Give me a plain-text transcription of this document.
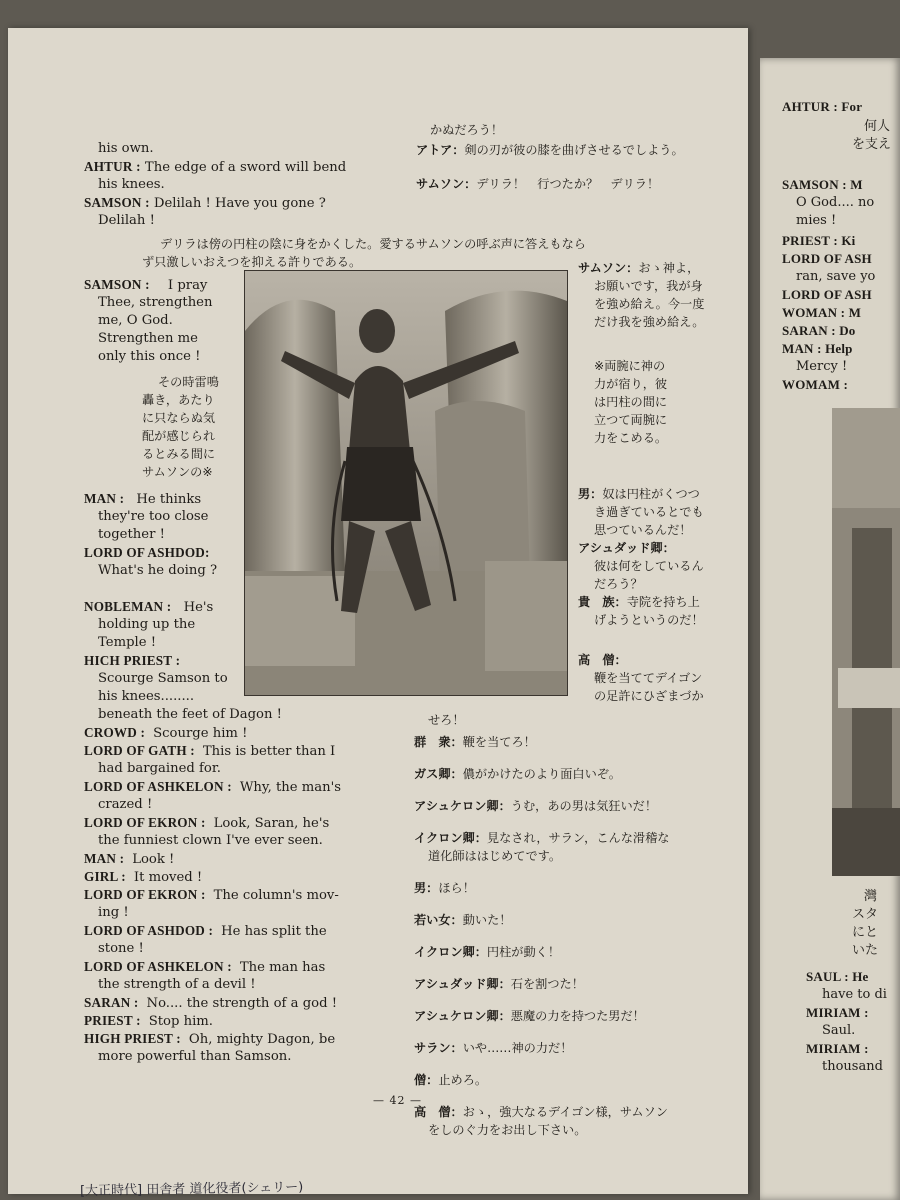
his own.
AHTUR : The edge of a sword will bend
his knees.
SAMSON : Delilah ! Have you gone ?
Delilah !
かぬだろう！
アトア：剣の刃が彼の膝を曲げさせるでしよう。
サムソン：デリラ！　行つたか？　デリラ！
デリラは傍の円柱の陰に身をかくした。愛するサムソンの呼ぶ声に答えもなら
ず只激しいおえつを抑える許りである。
SAMSON : I pray
Thee, strengthen
me, O God.
Strengthen me
only this once !
その時雷鳴
轟き，あたり
に只ならぬ気
配が感じられ
るとみる間に
サムソンの※
MAN : He thinks
they're too close
together !
LORD OF ASHDOD:
What's he doing ?
NOBLEMAN : He's
holding up the
Temple !
HICH PRIEST :
Scourge Samson to
his knees........
beneath the feet of Dagon !
サムソン：おゝ神よ，
お願いです，我が身
を強め給え。今一度
だけ我を強め給え。
※両腕に神の
力が宿り，彼
は円柱の間に
立つて両腕に
力をこめる。
男：奴は円柱がくつつ
き過ぎているとでも
思つているんだ！
アシュダッド卿：
彼は何をしているん
だろう？
貴　族：寺院を持ち上
げようというのだ！
高　僧：
鞭を当ててデイゴン
の足許にひざまづか
せろ！
CROWD : Scourge him !
LORD OF GATH : This is better than I
had bargained for.
LORD OF ASHKELON : Why, the man's
crazed !
LORD OF EKRON : Look, Saran, he's
the funniest clown I've ever seen.
MAN : Look !
GIRL : It moved !
LORD OF EKRON : The column's mov-
ing !
LORD OF ASHDOD : He has split the
stone !
LORD OF ASHKELON : The man has
the strength of a devil !
SARAN : No.... the strength of a god !
PRIEST : Stop him.
HIGH PRIEST : Oh, mighty Dagon, be
more powerful than Samson.
群　衆：鞭を当てろ！
ガス卿：儂がかけたのより面白いぞ。
アシュケロン卿：うむ，あの男は気狂いだ！
イクロン卿：見なされ，サラン，こんな滑稽な
道化師ははじめてです。
男：ほら！
若い女：動いた！
イクロン卿：円柱が動く！
アシュダッド卿：石を割つた！
アシュケロン卿：悪魔の力を持つた男だ！
サラン：いや……神の力だ！
僧：止めろ。
高　僧：おゝ，強大なるデイゴン様，サムソン
をしのぐ力をお出し下さい。
— 42 —
[大正時代] 田舎者 道化役者(シェリー)
AHTUR : For
何人
を支え
SAMSON : M
O God.... no
mies !
PRIEST : Ki
LORD OF ASH
ran, save yo
LORD OF ASH
WOMAN : M
SARAN : Do
MAN : Help
Mercy !
WOMAM :
灣
スタ
にと
いた
SAUL : He
have to di
MIRIAM :
Saul.
MIRIAM :
thousand
